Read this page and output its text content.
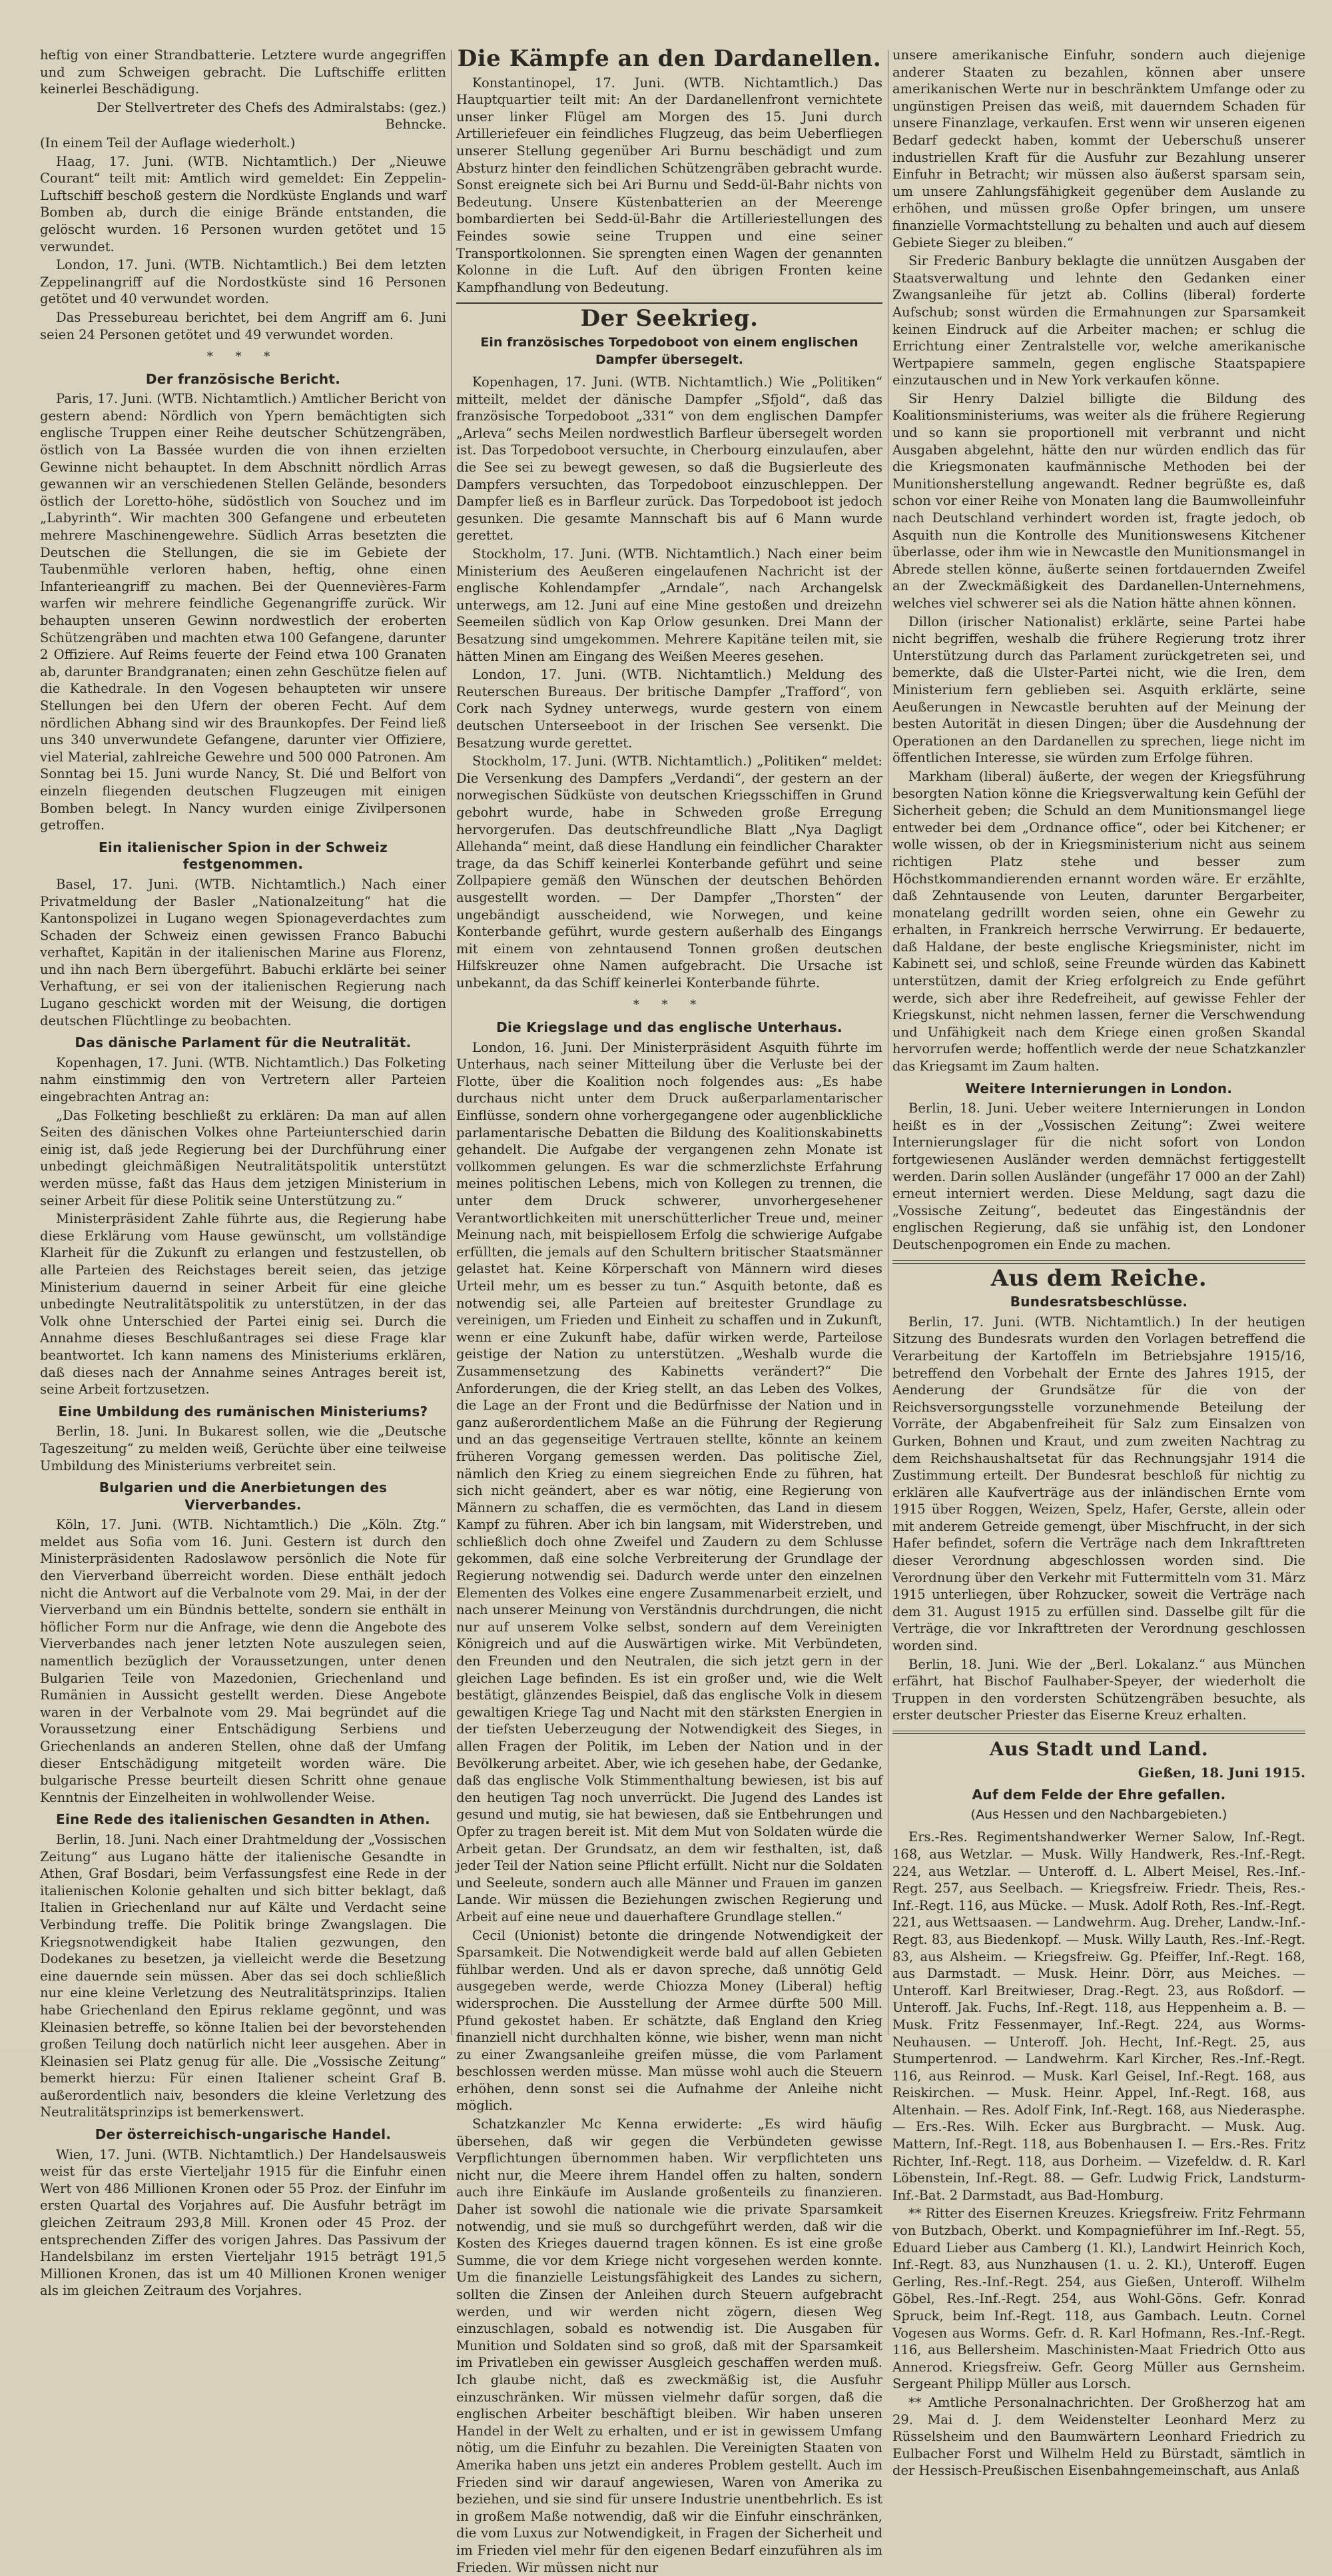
heftig von einer Strandbatterie. Letztere wurde angegriffen und zum Schweigen gebracht. Die Luftschiffe erlitten keinerlei Beschädigung.

Der Stellvertreter des Chefs des Admiralstabs: (gez.) Behncke.

(In einem Teil der Auflage wiederholt.)

Haag, 17. Juni. (WTB. Nichtamtlich.) Der „Nieuwe Courant“ teilt mit: Amtlich wird gemeldet: Ein Zeppelin-Luftschiff beschoß gestern die Nordküste Englands und warf Bomben ab, durch die einige Brände entstanden, die gelöscht wurden. 16 Personen wurden getötet und 15 verwundet.

London, 17. Juni. (WTB. Nichtamtlich.) Bei dem letzten Zeppelinangriff auf die Nordostküste sind 16 Personen getötet und 40 verwundet worden.

Das Pressebureau berichtet, bei dem Angriff am 6. Juni seien 24 Personen getötet und 49 verwundet worden.

* * *
Der französische Bericht.

Paris, 17. Juni. (WTB. Nichtamtlich.) Amtlicher Bericht von gestern abend: Nördlich von Ypern bemächtigten sich englische Truppen einer Reihe deutscher Schützengräben, östlich von La Bassée wurden die von ihnen erzielten Gewinne nicht behauptet. In dem Abschnitt nördlich Arras gewannen wir an verschiedenen Stellen Gelände, besonders östlich der Loretto-höhe, südöstlich von Souchez und im „Labyrinth“. Wir machten 300 Gefangene und erbeuteten mehrere Maschinengewehre. Südlich Arras besetzten die Deutschen die Stellungen, die sie im Gebiete der Taubenmühle verloren haben, heftig, ohne einen Infanterieangriff zu machen. Bei der Quennevières-Farm warfen wir mehrere feindliche Gegenangriffe zurück. Wir behaupten unseren Gewinn nordwestlich der eroberten Schützengräben und machten etwa 100 Gefangene, darunter 2 Offiziere. Auf Reims feuerte der Feind etwa 100 Granaten ab, darunter Brandgranaten; einen zehn Geschütze fielen auf die Kathedrale. In den Vogesen behaupteten wir unsere Stellungen bei den Ufern der oberen Fecht. Auf dem nördlichen Abhang sind wir des Braunkopfes. Der Feind ließ uns 340 unverwundete Gefangene, darunter vier Offiziere, viel Material, zahlreiche Gewehre und 500 000 Patronen. Am Sonntag bei 15. Juni wurde Nancy, St. Dié und Belfort von einzeln fliegenden deutschen Flugzeugen mit einigen Bomben belegt. In Nancy wurden einige Zivilpersonen getroffen.

Ein italienischer Spion in der Schweiz festgenommen.

Basel, 17. Juni. (WTB. Nichtamtlich.) Nach einer Privatmeldung der Basler „Nationalzeitung“ hat die Kantonspolizei in Lugano wegen Spionageverdachtes zum Schaden der Schweiz einen gewissen Franco Babuchi verhaftet, Kapitän in der italienischen Marine aus Florenz, und ihn nach Bern übergeführt. Babuchi erklärte bei seiner Verhaftung, er sei von der italienischen Regierung nach Lugano geschickt worden mit der Weisung, die dortigen deutschen Flüchtlinge zu beobachten.

Das dänische Parlament für die Neutralität.

Kopenhagen, 17. Juni. (WTB. Nichtamtlich.) Das Folketing nahm einstimmig den von Vertretern aller Parteien eingebrachten Antrag an:

„Das Folketing beschließt zu erklären: Da man auf allen Seiten des dänischen Volkes ohne Parteiunterschied darin einig ist, daß jede Regierung bei der Durchführung einer unbedingt gleichmäßigen Neutralitätspolitik unterstützt werden müsse, faßt das Haus dem jetzigen Ministerium in seiner Arbeit für diese Politik seine Unterstützung zu.“

Ministerpräsident Zahle führte aus, die Regierung habe diese Erklärung vom Hause gewünscht, um vollständige Klarheit für die Zukunft zu erlangen und festzustellen, ob alle Parteien des Reichstages bereit seien, das jetzige Ministerium dauernd in seiner Arbeit für eine gleiche unbedingte Neutralitätspolitik zu unterstützen, in der das Volk ohne Unterschied der Partei einig sei. Durch die Annahme dieses Beschlußantrages sei diese Frage klar beantwortet. Ich kann namens des Ministeriums erklären, daß dieses nach der Annahme seines Antrages bereit ist, seine Arbeit fortzusetzen.

Eine Umbildung des rumänischen Ministeriums?

Berlin, 18. Juni. In Bukarest sollen, wie die „Deutsche Tageszeitung“ zu melden weiß, Gerüchte über eine teilweise Umbildung des Ministeriums verbreitet sein.

Bulgarien und die Anerbietungen des Vierverbandes.

Köln, 17. Juni. (WTB. Nichtamtlich.) Die „Köln. Ztg.“ meldet aus Sofia vom 16. Juni. Gestern ist durch den Ministerpräsidenten Radoslawow persönlich die Note für den Vierverband überreicht worden. Diese enthält jedoch nicht die Antwort auf die Verbalnote vom 29. Mai, in der der Vierverband um ein Bündnis bettelte, sondern sie enthält in höflicher Form nur die Anfrage, wie denn die Angebote des Vierverbandes nach jener letzten Note auszulegen seien, namentlich bezüglich der Voraussetzungen, unter denen Bulgarien Teile von Mazedonien, Griechenland und Rumänien in Aussicht gestellt werden. Diese Angebote waren in der Verbalnote vom 29. Mai begründet auf die Voraussetzung einer Entschädigung Serbiens und Griechenlands an anderen Stellen, ohne daß der Umfang dieser Entschädigung mitgeteilt worden wäre. Die bulgarische Presse beurteilt diesen Schritt ohne genaue Kenntnis der Einzelheiten in wohlwollender Weise.

Eine Rede des italienischen Gesandten in Athen.

Berlin, 18. Juni. Nach einer Drahtmeldung der „Vossischen Zeitung“ aus Lugano hätte der italienische Gesandte in Athen, Graf Bosdari, beim Verfassungsfest eine Rede in der italienischen Kolonie gehalten und sich bitter beklagt, daß Italien in Griechenland nur auf Kälte und Verdacht seine Verbindung treffe. Die Politik bringe Zwangslagen. Die Kriegsnotwendigkeit habe Italien gezwungen, den Dodekanes zu besetzen, ja vielleicht werde die Besetzung eine dauernde sein müssen. Aber das sei doch schließlich nur eine kleine Verletzung des Neutralitätsprinzips. Italien habe Griechenland den Epirus reklame gegönnt, und was Kleinasien betreffe, so könne Italien bei der bevorstehenden großen Teilung doch natürlich nicht leer ausgehen. Aber in Kleinasien sei Platz genug für alle. Die „Vossische Zeitung“ bemerkt hierzu: Für einen Italiener scheint Graf B. außerordentlich naiv, besonders die kleine Verletzung des Neutralitätsprinzips ist bemerkenswert.

Der österreichisch-ungarische Handel.

Wien, 17. Juni. (WTB. Nichtamtlich.) Der Handelsausweis weist für das erste Vierteljahr 1915 für die Einfuhr einen Wert von 486 Millionen Kronen oder 55 Proz. der Einfuhr im ersten Quartal des Vorjahres auf. Die Ausfuhr beträgt im gleichen Zeitraum 293,8 Mill. Kronen oder 45 Proz. der entsprechenden Ziffer des vorigen Jahres. Das Passivum der Handelsbilanz im ersten Vierteljahr 1915 beträgt 191,5 Millionen Kronen, das ist um 40 Millionen Kronen weniger als im gleichen Zeitraum des Vorjahres.

Die Kämpfe an den Dardanellen.

Konstantinopel, 17. Juni. (WTB. Nichtamtlich.) Das Hauptquartier teilt mit: An der Dardanellenfront vernichtete unser linker Flügel am Morgen des 15. Juni durch Artilleriefeuer ein feindliches Flugzeug, das beim Ueberfliegen unserer Stellung gegenüber Ari Burnu beschädigt und zum Absturz hinter den feindlichen Schützengräben gebracht wurde. Sonst ereignete sich bei Ari Burnu und Sedd-ül-Bahr nichts von Bedeutung. Unsere Küstenbatterien an der Meerenge bombardierten bei Sedd-ül-Bahr die Artilleriestellungen des Feindes sowie seine Truppen und eine seiner Transportkolonnen. Sie sprengten einen Wagen der genannten Kolonne in die Luft. Auf den übrigen Fronten keine Kampfhandlung von Bedeutung.

Der Seekrieg.
Ein französisches Torpedoboot von einem englischen Dampfer übersegelt.

Kopenhagen, 17. Juni. (WTB. Nichtamtlich.) Wie „Politiken“ mitteilt, meldet der dänische Dampfer „Sfjold“, daß das französische Torpedoboot „331“ von dem englischen Dampfer „Arleva“ sechs Meilen nordwestlich Barfleur übersegelt worden ist. Das Torpedoboot versuchte, in Cherbourg einzulaufen, aber die See sei zu bewegt gewesen, so daß die Bugsierleute des Dampfers versuchten, das Torpedoboot einzuschleppen. Der Dampfer ließ es in Barfleur zurück. Das Torpedoboot ist jedoch gesunken. Die gesamte Mannschaft bis auf 6 Mann wurde gerettet.

Stockholm, 17. Juni. (WTB. Nichtamtlich.) Nach einer beim Ministerium des Aeußeren eingelaufenen Nachricht ist der englische Kohlendampfer „Arndale“, nach Archangelsk unterwegs, am 12. Juni auf eine Mine gestoßen und dreizehn Seemeilen südlich von Kap Orlow gesunken. Drei Mann der Besatzung sind umgekommen. Mehrere Kapitäne teilen mit, sie hätten Minen am Eingang des Weißen Meeres gesehen.

London, 17. Juni. (WTB. Nichtamtlich.) Meldung des Reuterschen Bureaus. Der britische Dampfer „Trafford“, von Cork nach Sydney unterwegs, wurde gestern von einem deutschen Unterseeboot in der Irischen See versenkt. Die Besatzung wurde gerettet.

Stockholm, 17. Juni. (WTB. Nichtamtlich.) „Politiken“ meldet: Die Versenkung des Dampfers „Verdandi“, der gestern an der norwegischen Südküste von deutschen Kriegsschiffen in Grund gebohrt wurde, habe in Schweden große Erregung hervorgerufen. Das deutschfreundliche Blatt „Nya Dagligt Allehanda“ meint, daß diese Handlung ein feindlicher Charakter trage, da das Schiff keinerlei Konterbande geführt und seine Zollpapiere gemäß den Wünschen der deutschen Behörden ausgestellt worden. — Der Dampfer „Thorsten“ der ungebändigt ausscheidend, wie Norwegen, und keine Konterbande geführt, wurde gestern außerhalb des Eingangs mit einem von zehntausend Tonnen großen deutschen Hilfskreuzer ohne Namen aufgebracht. Die Ursache ist unbekannt, da das Schiff keinerlei Konterbande führte.

* * *
Die Kriegslage und das englische Unterhaus.

London, 16. Juni. Der Ministerpräsident Asquith führte im Unterhaus, nach seiner Mitteilung über die Verluste bei der Flotte, über die Koalition noch folgendes aus: „Es habe durchaus nicht unter dem Druck außerparlamentarischer Einflüsse, sondern ohne vorhergegangene oder augenblickliche parlamentarische Debatten die Bildung des Koalitionskabinetts gehandelt. Die Aufgabe der vergangenen zehn Monate ist vollkommen gelungen. Es war die schmerzlichste Erfahrung meines politischen Lebens, mich von Kollegen zu trennen, die unter dem Druck schwerer, unvorhergesehener Verantwortlichkeiten mit unerschütterlicher Treue und, meiner Meinung nach, mit beispiellosem Erfolg die schwierige Aufgabe erfüllten, die jemals auf den Schultern britischer Staatsmänner gelastet hat. Keine Körperschaft von Männern wird dieses Urteil mehr, um es besser zu tun.“ Asquith betonte, daß es notwendig sei, alle Parteien auf breitester Grundlage zu vereinigen, um Frieden und Einheit zu schaffen und in Zukunft, wenn er eine Zukunft habe, dafür wirken werde, Parteilose geistige der Nation zu unterstützen. „Weshalb wurde die Zusammensetzung des Kabinetts verändert?“ Die Anforderungen, die der Krieg stellt, an das Leben des Volkes, die Lage an der Front und die Bedürfnisse der Nation und in ganz außerordentlichem Maße an die Führung der Regierung und an das gegenseitige Vertrauen stellte, könnte an keinem früheren Vorgang gemessen werden. Das politische Ziel, nämlich den Krieg zu einem siegreichen Ende zu führen, hat sich nicht geändert, aber es war nötig, eine Regierung von Männern zu schaffen, die es vermöchten, das Land in diesem Kampf zu führen. Aber ich bin langsam, mit Widerstreben, und schließlich doch ohne Zweifel und Zaudern zu dem Schlusse gekommen, daß eine solche Verbreiterung der Grundlage der Regierung notwendig sei. Dadurch werde unter den einzelnen Elementen des Volkes eine engere Zusammenarbeit erzielt, und nach unserer Meinung von Verständnis durchdrungen, die nicht nur auf unserem Volke selbst, sondern auf dem Vereinigten Königreich und auf die Auswärtigen wirke. Mit Verbündeten, den Freunden und den Neutralen, die sich jetzt gern in der gleichen Lage befinden. Es ist ein großer und, wie die Welt bestätigt, glänzendes Beispiel, daß das englische Volk in diesem gewaltigen Kriege Tag und Nacht mit den stärksten Energien in der tiefsten Ueberzeugung der Notwendigkeit des Sieges, in allen Fragen der Politik, im Leben der Nation und in der Bevölkerung arbeitet. Aber, wie ich gesehen habe, der Gedanke, daß das englische Volk Stimmenthaltung bewiesen, ist bis auf den heutigen Tag noch unverrückt. Die Jugend des Landes ist gesund und mutig, sie hat bewiesen, daß sie Entbehrungen und Opfer zu tragen bereit ist. Mit dem Mut von Soldaten würde die Arbeit getan. Der Grundsatz, an dem wir festhalten, ist, daß jeder Teil der Nation seine Pflicht erfüllt. Nicht nur die Soldaten und Seeleute, sondern auch alle Männer und Frauen im ganzen Lande. Wir müssen die Beziehungen zwischen Regierung und Arbeit auf eine neue und dauerhaftere Grundlage stellen.“

Cecil (Unionist) betonte die dringende Notwendigkeit der Sparsamkeit. Die Notwendigkeit werde bald auf allen Gebieten fühlbar werden. Und als er davon spreche, daß unnötig Geld ausgegeben werde, werde Chiozza Money (Liberal) heftig widersprochen. Die Ausstellung der Armee dürfte 500 Mill. Pfund gekostet haben. Er schätzte, daß England den Krieg finanziell nicht durchhalten könne, wie bisher, wenn man nicht zu einer Zwangsanleihe greifen müsse, die vom Parlament beschlossen werden müsse. Man müsse wohl auch die Steuern erhöhen, denn sonst sei die Aufnahme der Anleihe nicht möglich.

Schatzkanzler Mc Kenna erwiderte: „Es wird häufig übersehen, daß wir gegen die Verbündeten gewisse Verpflichtungen übernommen haben. Wir verpflichteten uns nicht nur, die Meere ihrem Handel offen zu halten, sondern auch ihre Einkäufe im Auslande großenteils zu finanzieren. Daher ist sowohl die nationale wie die private Sparsamkeit notwendig, und sie muß so durchgeführt werden, daß wir die Kosten des Krieges dauernd tragen können. Es ist eine große Summe, die vor dem Kriege nicht vorgesehen werden konnte. Um die finanzielle Leistungsfähigkeit des Landes zu sichern, sollten die Zinsen der Anleihen durch Steuern aufgebracht werden, und wir werden nicht zögern, diesen Weg einzuschlagen, sobald es notwendig ist. Die Ausgaben für Munition und Soldaten sind so groß, daß mit der Sparsamkeit im Privatleben ein gewisser Ausgleich geschaffen werden muß. Ich glaube nicht, daß es zweckmäßig ist, die Ausfuhr einzuschränken. Wir müssen vielmehr dafür sorgen, daß die englischen Arbeiter beschäftigt bleiben. Wir haben unseren Handel in der Welt zu erhalten, und er ist in gewissem Umfang nötig, um die Einfuhr zu bezahlen. Die Vereinigten Staaten von Amerika haben uns jetzt ein anderes Problem gestellt. Auch im Frieden sind wir darauf angewiesen, Waren von Amerika zu beziehen, und sie sind für unsere Industrie unentbehrlich. Es ist in großem Maße notwendig, daß wir die Einfuhr einschränken, die vom Luxus zur Notwendigkeit, in Fragen der Sicherheit und im Frieden viel mehr für den eigenen Bedarf einzuführen als im Frieden. Wir müssen nicht nur

unsere amerikanische Einfuhr, sondern auch diejenige anderer Staaten zu bezahlen, können aber unsere amerikanischen Werte nur in beschränktem Umfange oder zu ungünstigen Preisen das weiß, mit dauerndem Schaden für unsere Finanzlage, verkaufen. Erst wenn wir unseren eigenen Bedarf gedeckt haben, kommt der Ueberschuß unserer industriellen Kraft für die Ausfuhr zur Bezahlung unserer Einfuhr in Betracht; wir müssen also äußerst sparsam sein, um unsere Zahlungsfähigkeit gegenüber dem Auslande zu erhöhen, und müssen große Opfer bringen, um unsere finanzielle Vormachtstellung zu behalten und auch auf diesem Gebiete Sieger zu bleiben.“

Sir Frederic Banbury beklagte die unnützen Ausgaben der Staatsverwaltung und lehnte den Gedanken einer Zwangsanleihe für jetzt ab. Collins (liberal) forderte Aufschub; sonst würden die Ermahnungen zur Sparsamkeit keinen Eindruck auf die Arbeiter machen; er schlug die Errichtung einer Zentralstelle vor, welche amerikanische Wertpapiere sammeln, gegen englische Staatspapiere einzutauschen und in New York verkaufen könne.

Sir Henry Dalziel billigte die Bildung des Koalitionsministeriums, was weiter als die frühere Regierung und so kann sie proportionell mit verbrannt und nicht Ausgaben abgelehnt, hätte den nur würden endlich das für die Kriegsmonaten kaufmännische Methoden bei der Munitionsherstellung angewandt. Redner begrüßte es, daß schon vor einer Reihe von Monaten lang die Baumwolleinfuhr nach Deutschland verhindert worden ist, fragte jedoch, ob Asquith nun die Kontrolle des Munitionswesens Kitchener überlasse, oder ihm wie in Newcastle den Munitionsmangel in Abrede stellen könne, äußerte seinen fortdauernden Zweifel an der Zweckmäßigkeit des Dardanellen-Unternehmens, welches viel schwerer sei als die Nation hätte ahnen können.

Dillon (irischer Nationalist) erklärte, seine Partei habe nicht begriffen, weshalb die frühere Regierung trotz ihrer Unterstützung durch das Parlament zurückgetreten sei, und bemerkte, daß die Ulster-Partei nicht, wie die Iren, dem Ministerium fern geblieben sei. Asquith erklärte, seine Aeußerungen in Newcastle beruhten auf der Meinung der besten Autorität in diesen Dingen; über die Ausdehnung der Operationen an den Dardanellen zu sprechen, liege nicht im öffentlichen Interesse, sie würden zum Erfolge führen.

Markham (liberal) äußerte, der wegen der Kriegsführung besorgten Nation könne die Kriegsverwaltung kein Gefühl der Sicherheit geben; die Schuld an dem Munitionsmangel liege entweder bei dem „Ordnance office“, oder bei Kitchener; er wolle wissen, ob der in Kriegsministerium nicht aus seinem richtigen Platz stehe und besser zum Höchstkommandierenden ernannt worden wäre. Er erzählte, daß Zehntausende von Leuten, darunter Bergarbeiter, monatelang gedrillt worden seien, ohne ein Gewehr zu erhalten, in Frankreich herrsche Verwirrung. Er bedauerte, daß Haldane, der beste englische Kriegsminister, nicht im Kabinett sei, und schloß, seine Freunde würden das Kabinett unterstützen, damit der Krieg erfolgreich zu Ende geführt werde, sich aber ihre Redefreiheit, auf gewisse Fehler der Kriegskunst, nicht nehmen lassen, ferner die Verschwendung und Unfähigkeit nach dem Kriege einen großen Skandal hervorrufen werde; hoffentlich werde der neue Schatzkanzler das Kriegsamt im Zaum halten.

Weitere Internierungen in London.

Berlin, 18. Juni. Ueber weitere Internierungen in London heißt es in der „Vossischen Zeitung“: Zwei weitere Internierungslager für die nicht sofort von London fortgewiesenen Ausländer werden demnächst fertiggestellt werden. Darin sollen Ausländer (ungefähr 17 000 an der Zahl) erneut interniert werden. Diese Meldung, sagt dazu die „Vossische Zeitung“, bedeutet das Eingeständnis der englischen Regierung, daß sie unfähig ist, den Londoner Deutschenpogromen ein Ende zu machen.

Aus dem Reiche.
Bundesratsbeschlüsse.

Berlin, 17. Juni. (WTB. Nichtamtlich.) In der heutigen Sitzung des Bundesrats wurden den Vorlagen betreffend die Verarbeitung der Kartoffeln im Betriebsjahre 1915/16, betreffend den Vorbehalt der Ernte des Jahres 1915, der Aenderung der Grundsätze für die von der Reichsversorgungsstelle vorzunehmende Beteilung der Vorräte, der Abgabenfreiheit für Salz zum Einsalzen von Gurken, Bohnen und Kraut, und zum zweiten Nachtrag zu dem Reichshaushaltsetat für das Rechnungsjahr 1914 die Zustimmung erteilt. Der Bundesrat beschloß für nichtig zu erklären alle Kaufverträge aus der inländischen Ernte vom 1915 über Roggen, Weizen, Spelz, Hafer, Gerste, allein oder mit anderem Getreide gemengt, über Mischfrucht, in der sich Hafer befindet, sofern die Verträge nach dem Inkrafttreten dieser Verordnung abgeschlossen worden sind. Die Verordnung über den Verkehr mit Futtermitteln vom 31. März 1915 unterliegen, über Rohzucker, soweit die Verträge nach dem 31. August 1915 zu erfüllen sind. Dasselbe gilt für die Verträge, die vor Inkrafttreten der Verordnung geschlossen worden sind.

Berlin, 18. Juni. Wie der „Berl. Lokalanz.“ aus München erfährt, hat Bischof Faulhaber-Speyer, der wiederholt die Truppen in den vordersten Schützengräben besuchte, als erster deutscher Priester das Eiserne Kreuz erhalten.

Aus Stadt und Land.
Gießen, 18. Juni 1915.
Auf dem Felde der Ehre gefallen.
(Aus Hessen und den Nachbargebieten.)

Ers.-Res. Regimentshandwerker Werner Salow, Inf.-Regt. 168, aus Wetzlar. — Musk. Willy Handwerk, Res.-Inf.-Regt. 224, aus Wetzlar. — Unteroff. d. L. Albert Meisel, Res.-Inf.-Regt. 257, aus Seelbach. — Kriegsfreiw. Friedr. Theis, Res.-Inf.-Regt. 116, aus Mücke. — Musk. Adolf Roth, Res.-Inf.-Regt. 221, aus Wettsaasen. — Landwehrm. Aug. Dreher, Landw.-Inf.-Regt. 83, aus Biedenkopf. — Musk. Willy Lauth, Res.-Inf.-Regt. 83, aus Alsheim. — Kriegsfreiw. Gg. Pfeiffer, Inf.-Regt. 168, aus Darmstadt. — Musk. Heinr. Dörr, aus Meiches. — Unteroff. Karl Breitwieser, Drag.-Regt. 23, aus Roßdorf. — Unteroff. Jak. Fuchs, Inf.-Regt. 118, aus Heppenheim a. B. — Musk. Fritz Fessenmayer, Inf.-Regt. 224, aus Worms-Neuhausen. — Unteroff. Joh. Hecht, Inf.-Regt. 25, aus Stumpertenrod. — Landwehrm. Karl Kircher, Res.-Inf.-Regt. 116, aus Reinrod. — Musk. Karl Geisel, Inf.-Regt. 168, aus Reiskirchen. — Musk. Heinr. Appel, Inf.-Regt. 168, aus Altenhain. — Res. Adolf Fink, Inf.-Regt. 168, aus Niederasphe. — Ers.-Res. Wilh. Ecker aus Burgbracht. — Musk. Aug. Mattern, Inf.-Regt. 118, aus Bobenhausen I. — Ers.-Res. Fritz Richter, Inf.-Regt. 118, aus Dorheim. — Vizefeldw. d. R. Karl Löbenstein, Inf.-Regt. 88. — Gefr. Ludwig Frick, Landsturm-Inf.-Bat. 2 Darmstadt, aus Bad-Homburg.

** Ritter des Eisernen Kreuzes. Kriegsfreiw. Fritz Fehrmann von Butzbach, Oberkt. und Kompagnieführer im Inf.-Regt. 55, Eduard Lieber aus Camberg (1. Kl.), Landwirt Heinrich Koch, Inf.-Regt. 83, aus Nunzhausen (1. u. 2. Kl.), Unteroff. Eugen Gerling, Res.-Inf.-Regt. 254, aus Gießen, Unteroff. Wilhelm Göbel, Res.-Inf.-Regt. 254, aus Wohl-Göns. Gefr. Konrad Spruck, beim Inf.-Regt. 118, aus Gambach. Leutn. Cornel Vogesen aus Worms. Gefr. d. R. Karl Hofmann, Res.-Inf.-Regt. 116, aus Bellersheim. Maschinisten-Maat Friedrich Otto aus Annerod. Kriegsfreiw. Gefr. Georg Müller aus Gernsheim. Sergeant Philipp Müller aus Lorsch.

** Amtliche Personalnachrichten. Der Großherzog hat am 29. Mai d. J. dem Weidenstelter Leonhard Merz zu Rüsselsheim und den Baumwärtern Leonhard Friedrich zu Eulbacher Forst und Wilhelm Held zu Bürstadt, sämtlich in der Hessisch-Preußischen Eisenbahngemeinschaft, aus Anlaß
